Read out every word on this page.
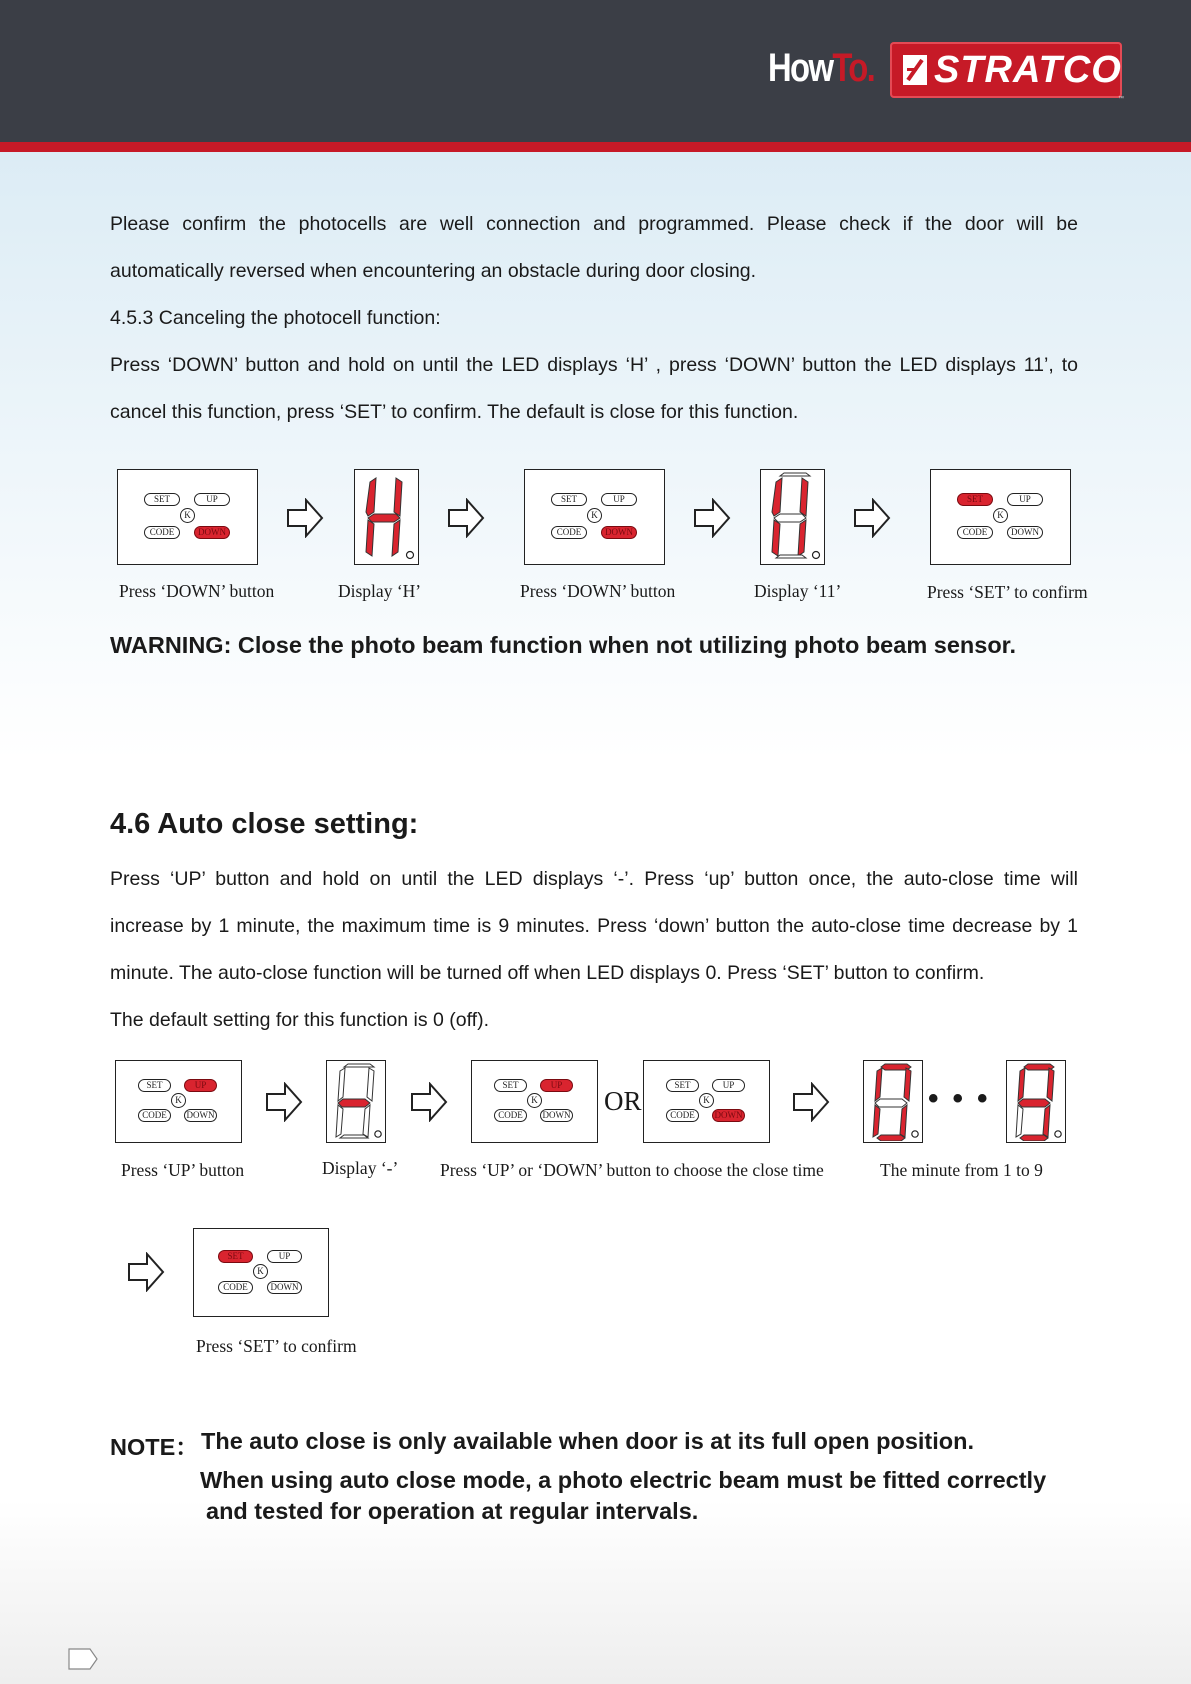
HowTo. STRATCO
™
Please confirm the photocells are well connection and programmed. Please check if the door will be
automatically reversed when encountering an obstacle during door closing.
4.5.3 Canceling the photocell function:
Press ‘DOWN’ button and hold on until the LED displays ‘H’ , press ‘DOWN’ button the LED displays 11’, to
cancel this function, press ‘SET’ to confirm. The default is close for this function.
SET	UP
K
CODE	DOWN
SET	UP
K
CODE	DOWN
SET	UP
K
CODE	DOWN
Press ‘DOWN’ button	Display ‘H’	Press ‘DOWN’ button	Display ‘11’	Press ‘SET’ to confirm
WARNING: Close the photo beam function when not utilizing photo beam sensor.
4.6 Auto close setting:
Press ‘UP’ button and hold on until the LED displays ‘-’. Press ‘up’ button once, the auto-close time will
increase by 1 minute, the maximum time is 9 minutes. Press ‘down’ button the auto-close time decrease by 1
minute. The auto-close function will be turned off when LED displays 0. Press ‘SET’ button to confirm.
The default setting for this function is 0 (off).
SET	UP
K
CODE	DOWN
SET	UP
K
CODE	DOWN OR
SET	UP
K
CODE	DOWN	•••
Press ‘UP’ button	Display ‘-’ Press ‘UP’ or ‘DOWN’ button to choose the close time	The minute from 1 to 9
SET	UP
K
CODE	DOWN
Press ‘SET’ to confirm
NOTE： The auto close is only available when door is at its full open position.
When using auto close mode, a photo electric beam must be fitted correctly
and tested for operation at regular intervals.
